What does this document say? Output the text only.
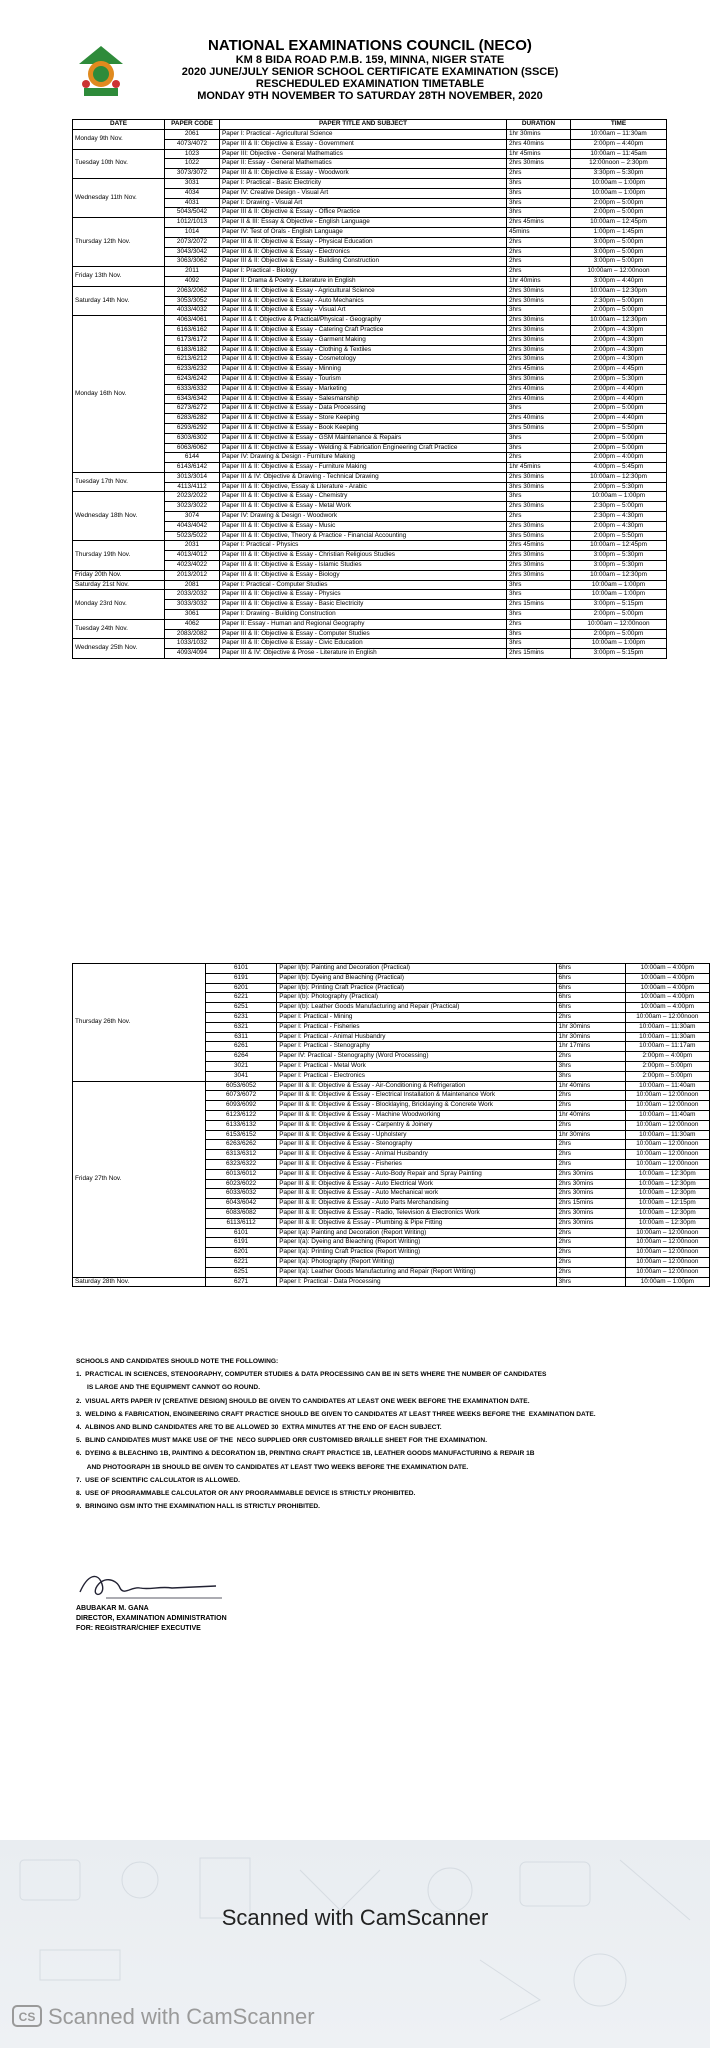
NATIONAL EXAMINATIONS COUNCIL (NECO)
KM 8 BIDA ROAD P.M.B. 159, MINNA, NIGER STATE
2020 JUNE/JULY SENIOR SCHOOL CERTIFICATE EXAMINATION (SSCE)
RESCHEDULED EXAMINATION TIMETABLE
MONDAY 9TH NOVEMBER TO SATURDAY 28TH NOVEMBER, 2020
DATE	PAPER CODE	PAPER TITLE AND SUBJECT	DURATION	TIME
Monday 9th Nov.	2061	Paper I: Practical - Agricultural Science	1hr 30mins	10:00am – 11:30am
	4073/4072	Paper III & II: Objective & Essay - Government	2hrs 40mins	2:00pm – 4:40pm
Tuesday 10th Nov.	1023	Paper III: Objective - General Mathematics	1hr 45mins	10:00am – 11:45am
	1022	Paper II: Essay - General Mathematics	2hrs 30mins	12:00noon – 2:30pm
	3073/3072	Paper III & II: Objective & Essay - Woodwork	2hrs	3:30pm – 5:30pm
Wednesday 11th Nov.	3031	Paper I: Practical - Basic Electricity	3hrs	10:00am – 1:00pm
	4034	Paper IV: Creative Design - Visual Art	3hrs	10:00am – 1:00pm
	4031	Paper I: Drawing - Visual Art	3hrs	2:00pm – 5:00pm
	5043/5042	Paper III & II: Objective & Essay - Office Practice	3hrs	2:00pm – 5:00pm
Thursday 12th Nov.	1012/1013	Paper II & III: Essay & Objective - English Language	2hrs 45mins	10:00am – 12:45pm
	1014	Paper IV: Test of Orals - English Language	45mins	1:00pm – 1:45pm
	2073/2072	Paper III & II: Objective & Essay - Physical Education	2hrs	3:00pm – 5:00pm
	3043/3042	Paper III & II: Objective & Essay - Electronics	2hrs	3:00pm – 5:00pm
	3063/3062	Paper III & II: Objective & Essay - Building Construction	2hrs	3:00pm – 5:00pm
Friday 13th Nov.	2011	Paper I: Practical - Biology	2hrs	10:00am – 12:00noon
	4092	Paper II: Drama & Poetry - Literature in English	1hr 40mins	3:00pm – 4:40pm
Saturday 14th Nov.	2063/2062	Paper III & II: Objective & Essay - Agricultural Science	2hrs 30mins	10:00am – 12:30pm
	3053/3052	Paper III & II: Objective & Essay - Auto Mechanics	2hrs 30mins	2:30pm – 5:00pm
	4033/4032	Paper III & II: Objective & Essay - Visual Art	3hrs	2:00pm – 5:00pm
Monday 16th Nov.	4063/4061	Paper III & I: Objective & Practical/Physical - Geography	2hrs 30mins	10:00am – 12:30pm
	6163/6162	Paper III & II: Objective & Essay - Catering Craft Practice	2hrs 30mins	2:00pm – 4:30pm
	6173/6172	Paper III & II: Objective & Essay - Garment Making	2hrs 30mins	2:00pm – 4:30pm
	6183/6182	Paper III & II: Objective & Essay - Clothing & Textiles	2hrs 30mins	2:00pm – 4:30pm
	6213/6212	Paper III & II: Objective & Essay - Cosmetology	2hrs 30mins	2:00pm – 4:30pm
	6233/6232	Paper III & II: Objective & Essay - Minning	2hrs 45mins	2:00pm – 4:45pm
	6243/6242	Paper III & II: Objective & Essay - Tourism	3hrs 30mins	2:00pm – 5:30pm
	6333/6332	Paper III & II: Objective & Essay - Marketing	2hrs 40mins	2:00pm – 4:40pm
	6343/6342	Paper III & II: Objective & Essay - Salesmanship	2hrs 40mins	2:00pm – 4:40pm
	6273/6272	Paper III & II: Objective & Essay - Data Processing	3hrs	2:00pm – 5:00pm
	6283/6282	Paper III & II: Objective & Essay - Store Keeping	2hrs 40mins	2:00pm – 4:40pm
	6293/6292	Paper III & II: Objective & Essay - Book Keeping	3hrs 50mins	2:00pm – 5:50pm
	6303/6302	Paper III & II: Objective & Essay - GSM Maintenance & Repairs	3hrs	2:00pm – 5:00pm
	6063/6062	Paper III & II: Objective & Essay - Welding & Fabrication Engineering Craft Practice	3hrs	2:00pm – 5:00pm
	6144	Paper IV: Drawing & Design - Furniture Making	2hrs	2:00pm – 4:00pm
	6143/6142	Paper III & II: Objective & Essay - Furniture Making	1hr 45mins	4:00pm – 5:45pm
Tuesday 17th Nov.	3013/3014	Paper III & IV: Objective & Drawing - Technical Drawing	2hrs 30mins	10:00am – 12:30pm
	4113/4112	Paper III & II: Objective, Essay & Literature - Arabic	3hrs 30mins	2:00pm – 5:30pm
Wednesday 18th Nov.	2023/2022	Paper III & II: Objective & Essay - Chemistry	3hrs	10:00am – 1:00pm
	3023/3022	Paper III & II: Objective & Essay - Metal Work	2hrs 30mins	2:30pm – 5:00pm
	3074	Paper IV: Drawing & Design - Woodwork	2hrs	2:30pm – 4:30pm
	4043/4042	Paper III & II: Objective & Essay - Music	2hrs 30mins	2:00pm – 4:30pm
	5023/5022	Paper III & II: Objective, Theory & Practice - Financial Accounting	3hrs 50mins	2:00pm – 5:50pm
Thursday 19th Nov.	2031	Paper I: Practical - Physics	2hrs 45mins	10:00am – 12:45pm
	4013/4012	Paper III & II: Objective & Essay - Christian Religious Studies	2hrs 30mins	3:00pm – 5:30pm
	4023/4022	Paper III & II: Objective & Essay - Islamic Studies	2hrs 30mins	3:00pm – 5:30pm
Friday 20th Nov.	2013/2012	Paper III & II: Objective & Essay - Biology	2hrs 30mins	10:00am – 12:30pm
Saturday 21st Nov.	2081	Paper I: Practical - Computer Studies	3hrs	10:00am – 1:00pm
Monday 23rd Nov.	2033/2032	Paper III & II: Objective & Essay - Physics	3hrs	10:00am – 1:00pm
	3033/3032	Paper III & II: Objective & Essay - Basic Electricity	2hrs 15mins	3:00pm – 5:15pm
	3061	Paper I: Drawing - Building Construction	3hrs	2:00pm – 5:00pm
Tuesday 24th Nov.	4062	Paper II: Essay - Human and Regional Geography	2hrs	10:00am – 12:00noon
	2083/2082	Paper III & II: Objective & Essay - Computer Studies	3hrs	2:00pm – 5:00pm
Wednesday 25th Nov.	1033/1032	Paper III & II: Objective & Essay - Civic Education	3hrs	10:00am – 1:00pm
	4093/4094	Paper III & IV: Objective & Prose - Literature in English	2hrs 15mins	3:00pm – 5:15pm
Thursday 26th Nov.	6101	Paper I(b): Painting and Decoration (Practical)	6hrs	10:00am – 4:00pm
	6191	Paper I(b): Dyeing and Bleaching (Practical)	6hrs	10:00am – 4:00pm
	6201	Paper I(b): Printing Craft Practice (Practical)	6hrs	10:00am – 4:00pm
	6221	Paper I(b): Photography (Practical)	6hrs	10:00am – 4:00pm
	6251	Paper I(b): Leather Goods Manufacturing and Repair (Practical)	6hrs	10:00am – 4:00pm
	6231	Paper I: Practical - Mining	2hrs	10:00am – 12:00noon
	6321	Paper I: Practical - Fisheries	1hr 30mins	10:00am – 11:30am
	6311	Paper I: Practical - Animal Husbandry	1hr 30mins	10:00am – 11:30am
	6261	Paper I: Practical - Stenography	1hr 17mins	10:00am – 11:17am
	6264	Paper IV: Practical - Stenography (Word Processing)	2hrs	2:00pm – 4:00pm
	3021	Paper I: Practical - Metal Work	3hrs	2:00pm – 5:00pm
	3041	Paper I: Practical - Electronics	3hrs	2:00pm – 5:00pm
Friday 27th Nov.	6053/6052	Paper III & II: Objective & Essay - Air-Conditioning & Refrigeration	1hr 40mins	10:00am – 11:40am
	6073/6072	Paper III & II: Objective & Essay - Electrical Installation & Maintenance Work	2hrs	10:00am – 12:00noon
	6093/6092	Paper III & II: Objective & Essay - Blocklaying, Bricklaying & Concrete Work	2hrs	10:00am – 12:00noon
	6123/6122	Paper III & II: Objective & Essay - Machine Woodworking	1hr 40mins	10:00am – 11:40am
	6133/6132	Paper III & II: Objective & Essay - Carpentry & Joinery	2hrs	10:00am – 12:00noon
	6153/6152	Paper III & II: Objective & Essay - Upholstery	1hr 30mins	10:00am – 11:30am
	6263/6262	Paper III & II: Objective & Essay - Stenography	2hrs	10:00am – 12:00noon
	6313/6312	Paper III & II: Objective & Essay - Animal Husbandry	2hrs	10:00am – 12:00noon
	6323/6322	Paper III & II: Objective & Essay - Fisheries	2hrs	10:00am – 12:00noon
	6013/6012	Paper III & II: Objective & Essay - Auto-Body Repair and Spray Painting	2hrs 30mins	10:00am – 12:30pm
	6023/6022	Paper III & II: Objective & Essay - Auto Electrical Work	2hrs 30mins	10:00am – 12:30pm
	6033/6032	Paper III & II: Objective & Essay - Auto Mechanical work	2hrs 30mins	10:00am – 12:30pm
	6043/6042	Paper III & II: Objective & Essay - Auto Parts Merchandising	2hrs 15mins	10:00am – 12:15pm
	6083/6082	Paper III & II: Objective & Essay - Radio, Television & Electronics Work	2hrs 30mins	10:00am – 12:30pm
	6113/6112	Paper III & II: Objective & Essay - Plumbing & Pipe Fitting	2hrs 30mins	10:00am – 12:30pm
	6101	Paper I(a): Painting and Decoration (Report Writing)	2hrs	10:00am – 12:00noon
	6191	Paper I(a): Dyeing and Bleaching (Report Writing)	2hrs	10:00am – 12:00noon
	6201	Paper I(a): Printing Craft Practice (Report Writing)	2hrs	10:00am – 12:00noon
	6221	Paper I(a): Photography (Report Writing)	2hrs	10:00am – 12:00noon
	6251	Paper I(a): Leather Goods Manufacturing and Repair (Report Writing)	2hrs	10:00am – 12:00noon
Saturday 28th Nov.	6271	Paper I: Practical - Data Processing	3hrs	10:00am – 1:00pm
SCHOOLS AND CANDIDATES SHOULD NOTE THE FOLLOWING:
1.  PRACTICAL IN SCIENCES, STENOGRAPHY, COMPUTER STUDIES & DATA PROCESSING CAN BE IN SETS WHERE THE NUMBER OF CANDIDATES
IS LARGE AND THE EQUIPMENT CANNOT GO ROUND.
2.  VISUAL ARTS PAPER IV [CREATIVE DESIGN] SHOULD BE GIVEN TO CANDIDATES AT LEAST ONE WEEK BEFORE THE EXAMINATION DATE.
3.  WELDING & FABRICATION, ENGINEERING CRAFT PRACTICE SHOULD BE GIVEN TO CANDIDATES AT LEAST THREE WEEKS BEFORE THE  EXAMINATION DATE.
4.  ALBINOS AND BLIND CANDIDATES ARE TO BE ALLOWED 30  EXTRA MINUTES AT THE END OF EACH SUBJECT.
5.  BLIND CANDIDATES MUST MAKE USE OF THE  NECO SUPPLIED ORR CUSTOMISED BRAILLE SHEET FOR THE EXAMINATION.
6.  DYEING & BLEACHING 1B, PAINTING & DECORATION 1B, PRINTING CRAFT PRACTICE 1B, LEATHER GOODS MANUFACTURING & REPAIR 1B
AND PHOTOGRAPH 1B SHOULD BE GIVEN TO CANDIDATES AT LEAST TWO WEEKS BEFORE THE EXAMINATION DATE.
7.  USE OF SCIENTIFIC CALCULATOR IS ALLOWED.
8.  USE OF PROGRAMMABLE CALCULATOR OR ANY PROGRAMMABLE DEVICE IS STRICTLY PROHIBITED.
9.  BRINGING GSM INTO THE EXAMINATION HALL IS STRICTLY PROHIBITED.
ABUBAKAR M. GANA
DIRECTOR, EXAMINATION ADMINISTRATION
FOR: REGISTRAR/CHIEF EXECUTIVE
Scanned with CamScanner
CS Scanned with CamScanner
